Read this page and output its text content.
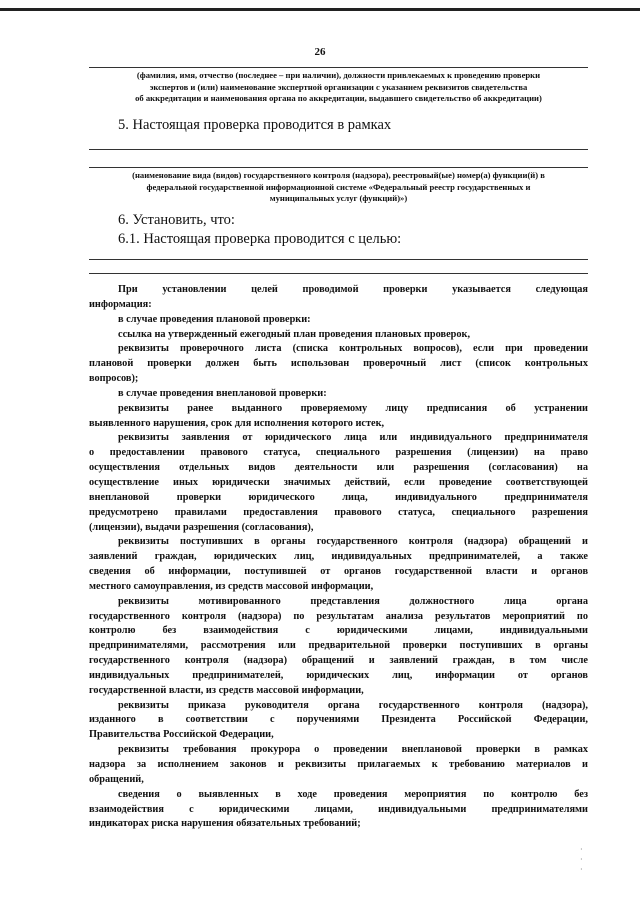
26
(фамилия, имя, отчество (последнее – при наличии), должности привлекаемых к проведению проверки
экспертов и (или) наименование экспертной организации с указанием реквизитов свидетельства
об аккредитации и наименования органа по аккредитации, выдавшего свидетельство об аккредитации)
5. Настоящая проверка проводится в рамках
(наименование вида (видов) государственного контроля (надзора), реестровый(ые) номер(а) функции(й) в
федеральной государственной информационной системе «Федеральный реестр государственных и
муниципальных услуг (функций)»)
6. Установить, что:
6.1. Настоящая проверка проводится с целью:
При установлении целей проводимой проверки указывается следующая
информация:
в случае проведения плановой проверки:
ссылка на утвержденный ежегодный план проведения плановых проверок,
реквизиты проверочного листа (списка контрольных вопросов), если при проведении
плановой проверки должен быть использован проверочный лист (список контрольных
вопросов);
в случае проведения внеплановой проверки:
реквизиты ранее выданного проверяемому лицу предписания об устранении
выявленного нарушения, срок для исполнения которого истек,
реквизиты заявления от юридического лица или индивидуального предпринимателя
о предоставлении правового статуса, специального разрешения (лицензии) на право
осуществления отдельных видов деятельности или разрешения (согласования) на
осуществление иных юридически значимых действий, если проведение соответствующей
внеплановой проверки юридического лица, индивидуального предпринимателя
предусмотрено правилами предоставления правового статуса, специального разрешения
(лицензии), выдачи разрешения (согласования),
реквизиты поступивших в органы государственного контроля (надзора) обращений и
заявлений граждан, юридических лиц, индивидуальных предпринимателей, а также
сведения об информации, поступившей от органов государственной власти и органов
местного самоуправления, из средств массовой информации,
реквизиты мотивированного представления должностного лица органа
государственного контроля (надзора) по результатам анализа результатов мероприятий по
контролю без взаимодействия с юридическими лицами, индивидуальными
предпринимателями, рассмотрения или предварительной проверки поступивших в органы
государственного контроля (надзора) обращений и заявлений граждан, в том числе
индивидуальных предпринимателей, юридических лиц, информации от органов
государственной власти, из средств массовой информации,
реквизиты приказа руководителя органа государственного контроля (надзора),
изданного в соответствии с поручениями Президента Российской Федерации,
Правительства Российской Федерации,
реквизиты требования прокурора о проведении внеплановой проверки в рамках
надзора за исполнением законов и реквизиты прилагаемых к требованию материалов и
обращений,
сведения о выявленных в ходе проведения мероприятия по контролю без
взаимодействия с юридическими лицами, индивидуальными предпринимателями
индикаторах риска нарушения обязательных требований;
·
·
·
